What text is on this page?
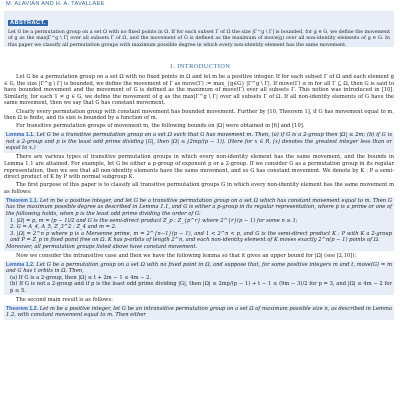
M. ALAVIAN AND H. A. TAVALLAEE
ABSTRACT.
Let G be a permutation group on a set Ω with no fixed points in Ω. If for each subset Γ of Ω the size |Γ^g \ Γ| is bounded, for g ∈ G, we define the movement of g as the max|Γ^g \ Γ| over all subsets Γ of Ω, and the movement of G is defined as the maximum of move(g) over all non-identity elements of g ∈ G. In this paper we classify all permutation groups with maximum possible degree in which every non-identity element has the same movement.
1. INTRODUCTION

Let G be a permutation group on a set Ω with no fixed points in Ω and let m be a positive integer. If for each subset Γ of Ω and each element g ∈ G, the size |Γ^g \ Γ| is bounded, we define the movement of Γ as move(Γ) := max_{g∈G} |Γ^g \ Γ|. If move(Γ) ≤ m for all Γ ⊆ Ω, then G is said to have bounded movement and the movement of G is defined as the maximum of move(Γ) over all subsets Γ. This notion was introduced in [10]. Similarly, for each 1 ≠ g ∈ G, we define the movement of g as the max|Γ^g \ Γ| over all subsets Γ of Ω. If all non-identity elements of G have the same movement, then we say that G has constant movement.

Clearly every permutation group with constant movement has bounded movement. Further by [10, Theorem 1], if G has movement equal to m, then Ω is finite, and its size is bounded by a function of m.

For transitive permutation groups of movement m, the following bounds on |Ω| were obtained in [6] and [10].

Lemma 1.1. Let G be a transitive permutation group on a set Ω such that G has movement m. Then, (a) if G is a 2-group then |Ω| ≤ 2m; (b) if G is not a 2-group and p is the least odd prime dividing |G|, then |Ω| ≤ ⌊2mp/(p − 1)⌋. (Here for x ∈ R, ⌊x⌋ denotes the greatest integer less than or equal to x.)

There are various types of transitive permutation groups in which every non-identity element has the same movement, and the bounds in Lemma 1.1 are attained. For example, let G be either a p-group of exponent p or a 2-group. If we consider G as a permutation group in its regular representation, then we see that all non-identity elements have the same movement, and so G has constant movement. We denote by K : P a semi-direct product of K by P with normal subgroup K.

The first purpose of this paper is to classify all transitive permutation groups G in which every non-identity element has the same movement m as follows:

Theorem 1.1. Let m be a positive integer, and let G be a transitive permutation group on a set Ω which has constant movement equal to m. Then G has the maximum possible degree as described in Lemma 1.1, and G is either a p-group in its regular representation, where p is a prime or one of the following holds, when p is the least odd prime dividing the order of G:
1. |Ω| = p, m = (p − 1)/2 and G is the semi-direct product Z_p : Z_{p^r} where 2^{r}(p − 1) for some n ≥ 1;
2. G = A_4, A_5, Z_3^2 : Z_4 and m = 2.
3. |Ω| = 2^n p where p is a Mersenne prime, m = 2^{n−1}(p − 1), and 1 < 2^n < p, and G is the semi-direct product K : P with K a 2-group and P = Z_p in fixed point free on Ω. K has p-orbits of length 2^n, and each non-identity element of K moves exactly 2^n(p − 1) points of Ω.
Moreover, all permutation groups listed above have constant movement.

Now we consider the intransitive case and then we have the following lemma so that it gives an upper bound for |Ω| (see [2,10]):

Lemma 1.2. Let G be a permutation group on a set Ω with no fixed point in Ω, and suppose that, for some positive integers m and t, move(G) = m and G has t orbits in Ω. Then,
(a) If G is a 2-group, then |Ω| ≤ t + 2m − 1 ≤ 4m − 2.
(b) If G is not a 2-group and if p is the least odd prime dividing |G|, then |Ω| ≤ 2mp/(p − 1) + t − 1 ≤ (9m − 3)/2 for p = 3, and |Ω| ≤ 4m − 2 for p ≥ 5.

The second main result is as follows:

Theorem 1.2. Let m be a positive integer, let G be an intransitive permutation group on a set Ω of maximum possible size n, as described in Lemma 1.2, with constant movement equal to m. Then either
